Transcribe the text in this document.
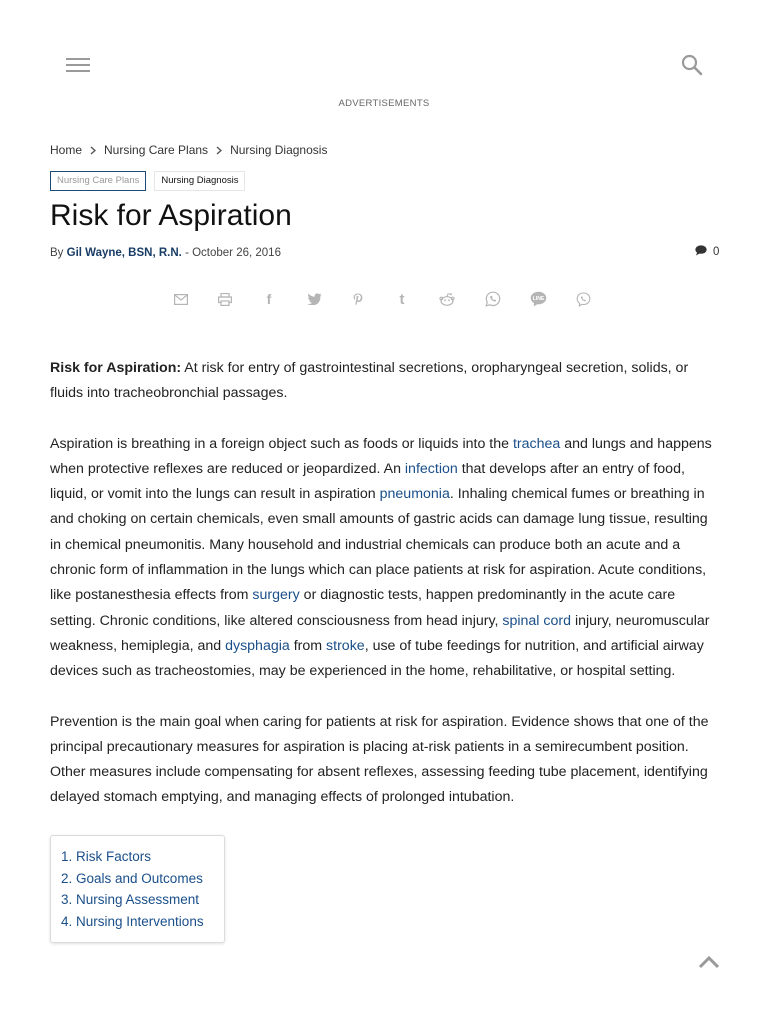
ADVERTISEMENTS
Home Nursing Care Plans Nursing Diagnosis
Nursing Care Plans	Nursing Diagnosis
Risk for Aspiration
By Gil Wayne, BSN, R.N. - October 26, 2016	0
f	t	LINE

Risk for Aspiration: At risk for entry of gastrointestinal secretions, oropharyngeal secretion, solids, or fluids into tracheobronchial passages.

Aspiration is breathing in a foreign object such as foods or liquids into the trachea and lungs and happens when protective reflexes are reduced or jeopardized. An infection that develops after an entry of food, liquid, or vomit into the lungs can result in aspiration pneumonia. Inhaling chemical fumes or breathing in and choking on certain chemicals, even small amounts of gastric acids can damage lung tissue, resulting in chemical pneumonitis. Many household and industrial chemicals can produce both an acute and a chronic form of inflammation in the lungs which can place patients at risk for aspiration. Acute conditions, like postanesthesia effects from surgery or diagnostic tests, happen predominantly in the acute care setting. Chronic conditions, like altered consciousness from head injury, spinal cord injury, neuromuscular weakness, hemiplegia, and dysphagia from stroke, use of tube feedings for nutrition, and artificial airway devices such as tracheostomies, may be experienced in the home, rehabilitative, or hospital setting.

Prevention is the main goal when caring for patients at risk for aspiration. Evidence shows that one of the principal precautionary measures for aspiration is placing at-risk patients in a semirecumbent position. Other measures include compensating for absent reflexes, assessing feeding tube placement, identifying delayed stomach emptying, and managing effects of prolonged intubation.

1. Risk Factors
2. Goals and Outcomes
3. Nursing Assessment
4. Nursing Interventions
